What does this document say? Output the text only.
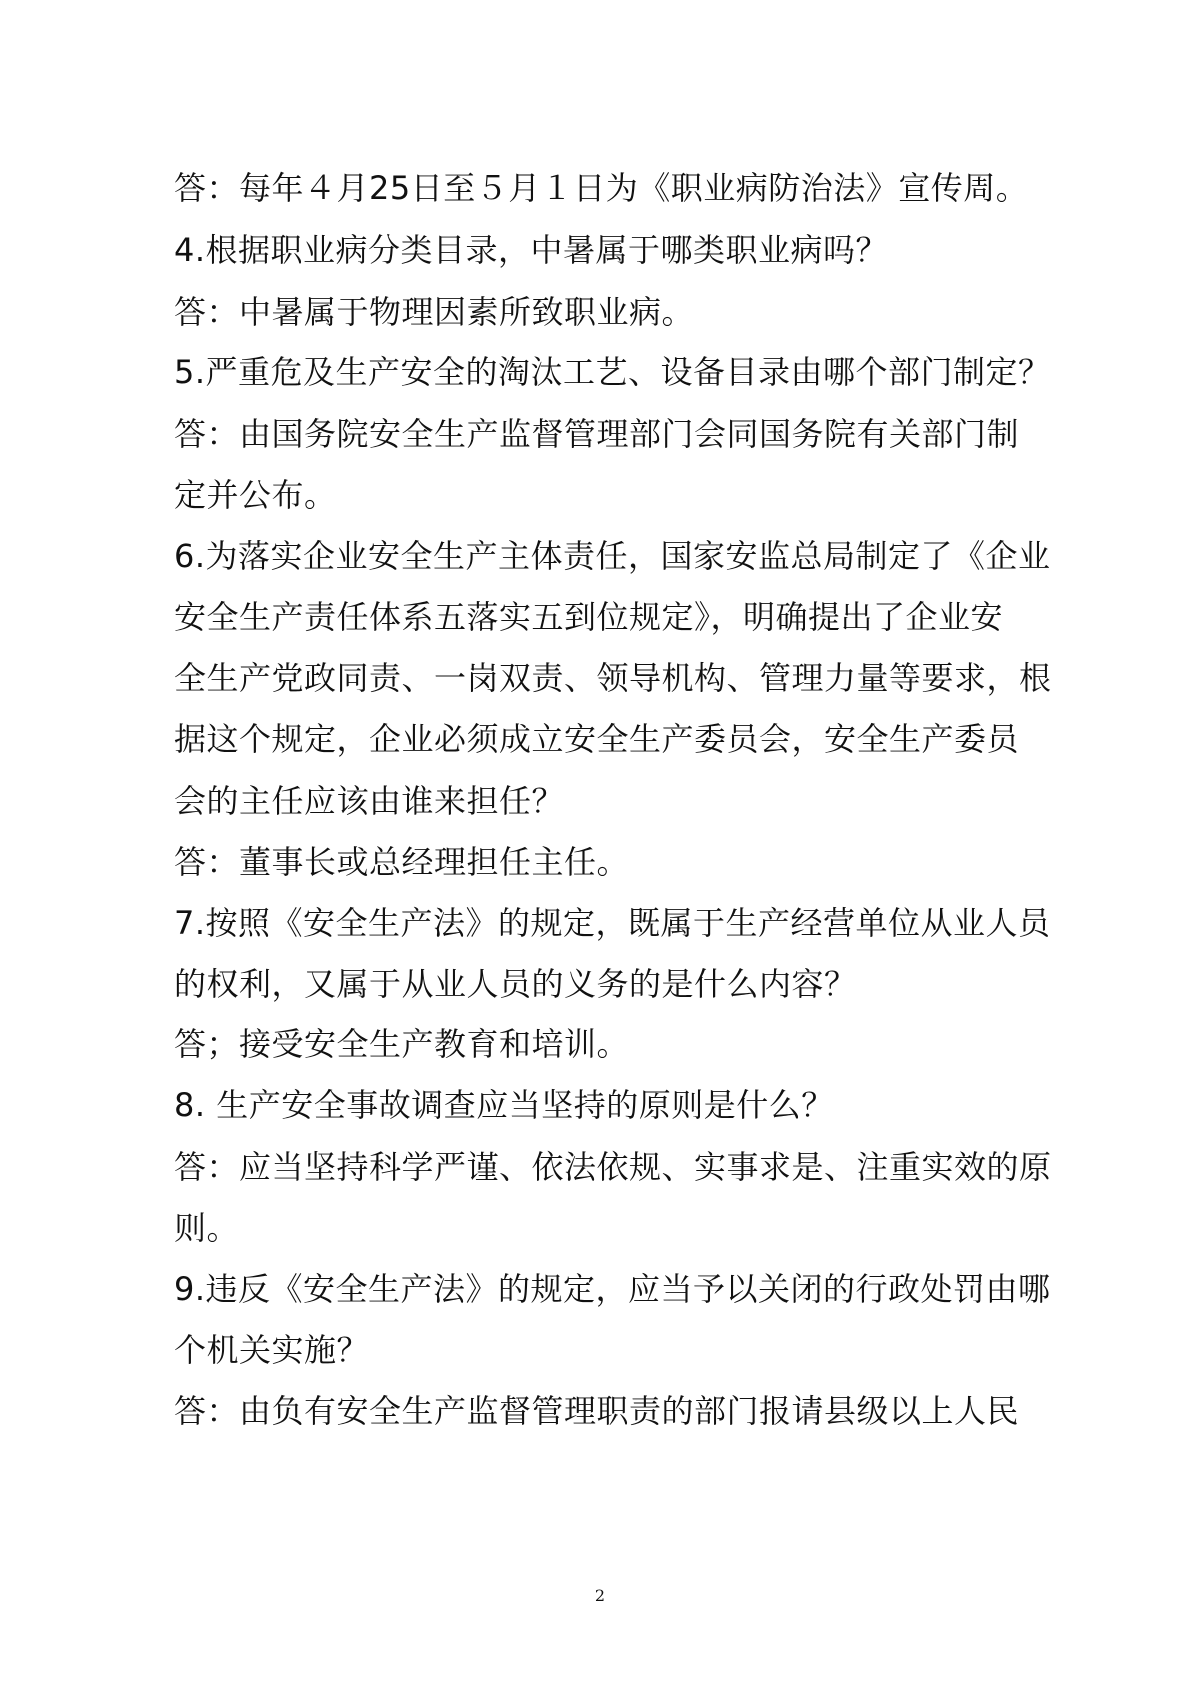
答：每年４月25日至５月１日为《职业病防治法》宣传周。
4.根据职业病分类目录，中暑属于哪类职业病吗？
答：中暑属于物理因素所致职业病。
5.严重危及生产安全的淘汰工艺、设备目录由哪个部门制定？
答：由国务院安全生产监督管理部门会同国务院有关部门制
定并公布。
6.为落实企业安全生产主体责任，国家安监总局制定了《企业
安全生产责任体系五落实五到位规定》，明确提出了企业安
全生产党政同责、一岗双责、领导机构、管理力量等要求，根
据这个规定，企业必须成立安全生产委员会，安全生产委员
会的主任应该由谁来担任？
答：董事长或总经理担任主任。
7.按照《安全生产法》的规定，既属于生产经营单位从业人员
的权利，又属于从业人员的义务的是什么内容？
答；接受安全生产教育和培训。
8. 生产安全事故调查应当坚持的原则是什么？
答：应当坚持科学严谨、依法依规、实事求是、注重实效的原
则。
9.违反《安全生产法》的规定，应当予以关闭的行政处罚由哪
个机关实施？
答：由负有安全生产监督管理职责的部门报请县级以上人民
2
